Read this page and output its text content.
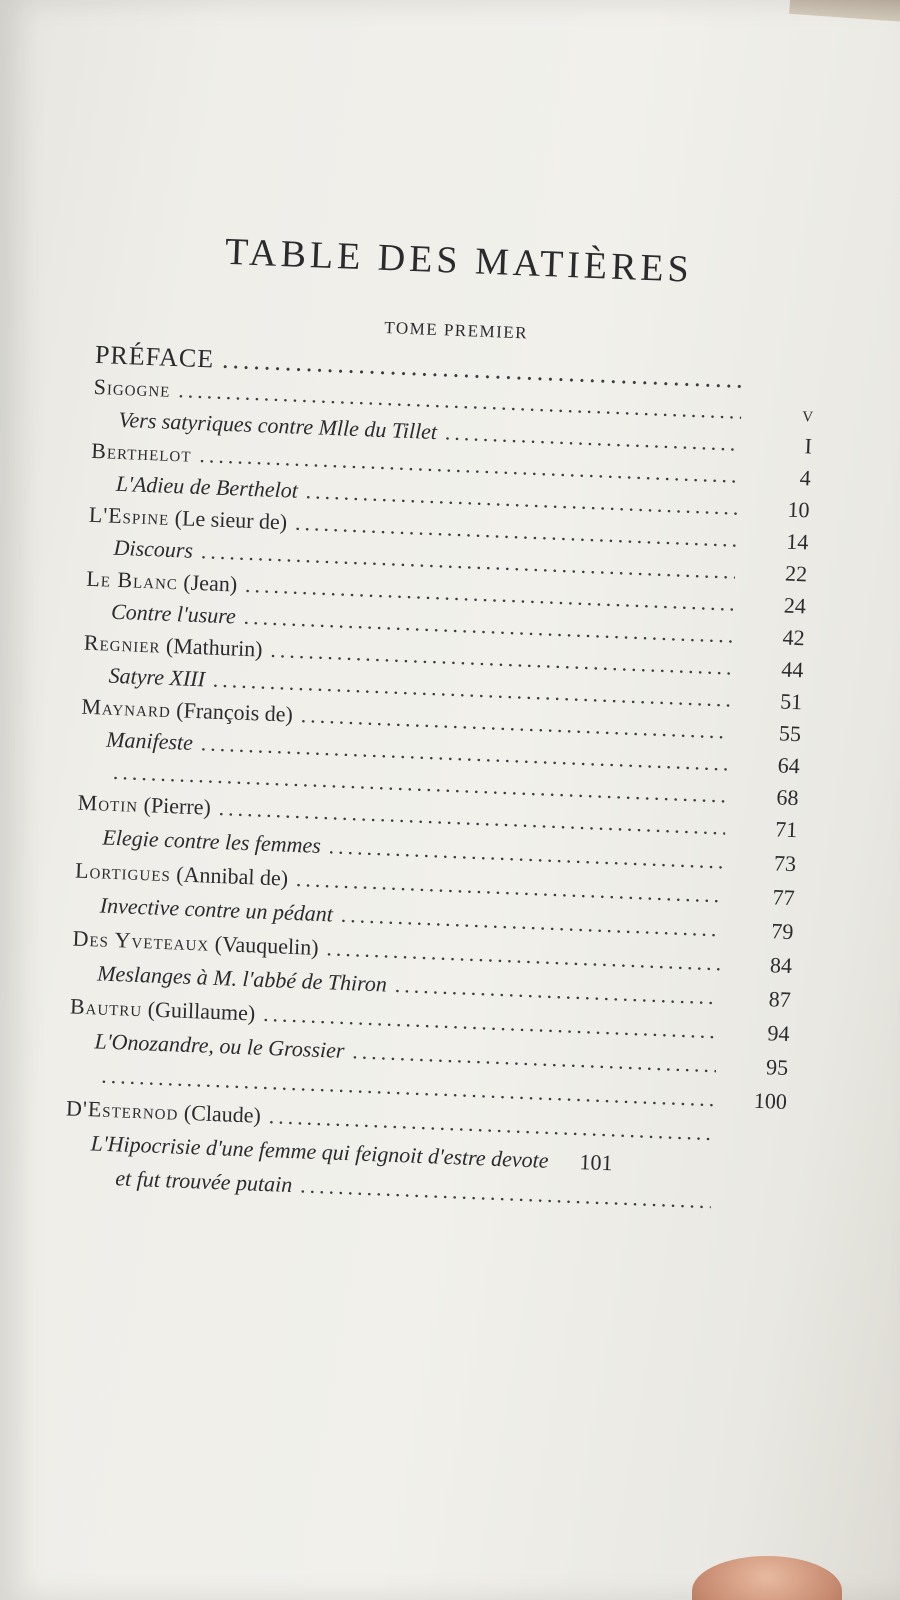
TABLE DES MATIÈRES
TOME PREMIER
PRÉFACE
.....
Sigogne
.....
v
Vers satyriques contre Mlle du Tillet
.....
I
Berthelot
.....
4
L'Adieu de Berthelot
.....
10
L'Espine (Le sieur de)
.....
14
Discours
.....
22
Le Blanc (Jean)
.....
24
Contre l'usure
.....
42
Regnier (Mathurin)
.....
44
Satyre XIII
.....
51
Maynard (François de)
.....
55
Manifeste
.....
64
.....
68
Motin (Pierre)
.....
71
Elegie contre les femmes
.....
73
Lortigues (Annibal de)
.....
77
Invective contre un pédant
.....
79
Des Yveteaux (Vauquelin)
.....
84
Meslanges à M. l'abbé de Thiron
.....
87
Bautru (Guillaume)
.....
94
L'Onozandre, ou le Grossier
.....
95
.....
100
D'Esternod (Claude)
.....
L'Hipocrisie d'une femme qui feignoit d'estre devote
.....	101
et fut trouvée putain
.....
